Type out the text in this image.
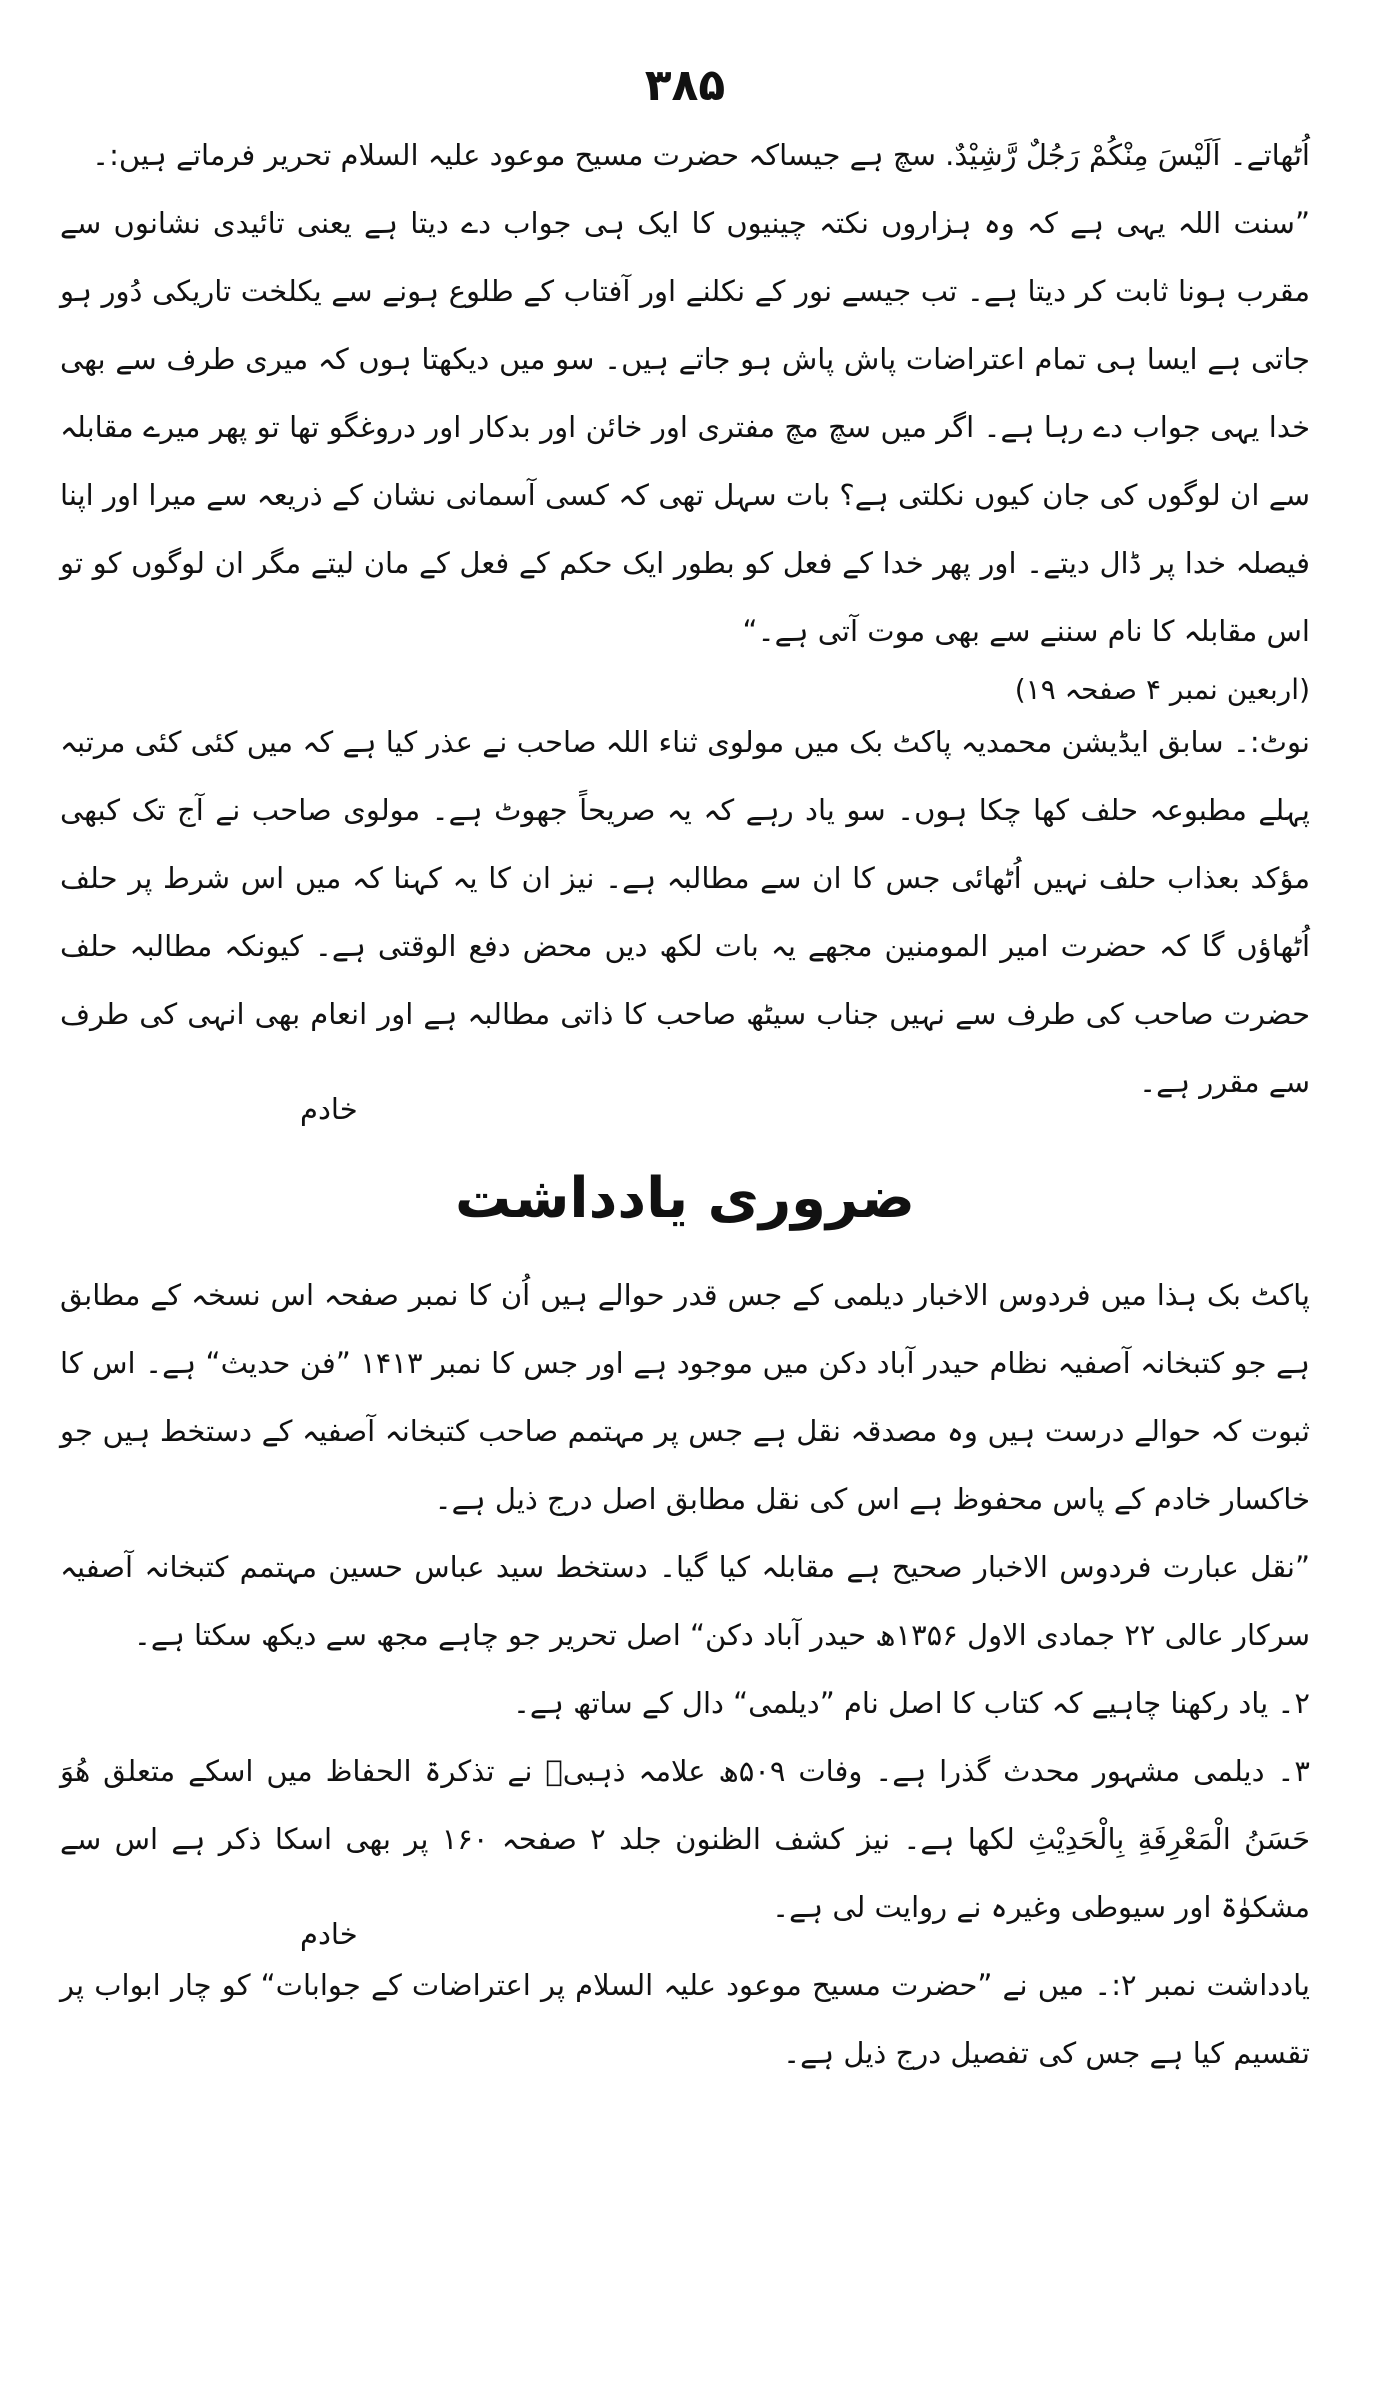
۳۸۵

اُٹھاتے۔ اَلَیْسَ مِنْکُمْ رَجُلٌ رَّشِیْدٌ. سچ ہے جیساکہ حضرت مسیح موعود علیہ السلام تحریر فرماتے ہیں:۔

”سنت اللہ یہی ہے کہ وہ ہزاروں نکتہ چینیوں کا ایک ہی جواب دے دیتا ہے یعنی تائیدی نشانوں سے مقرب ہونا ثابت کر دیتا ہے۔ تب جیسے نور کے نکلنے اور آفتاب کے طلوع ہونے سے یکلخت تاریکی دُور ہو جاتی ہے ایسا ہی تمام اعتراضات پاش پاش ہو جاتے ہیں۔ سو میں دیکھتا ہوں کہ میری طرف سے بھی خدا یہی جواب دے رہا ہے۔ اگر میں سچ مچ مفتری اور خائن اور بدکار اور دروغگو تھا تو پھر میرے مقابلہ سے ان لوگوں کی جان کیوں نکلتی ہے؟ بات سہل تھی کہ کسی آسمانی نشان کے ذریعہ سے میرا اور اپنا فیصلہ خدا پر ڈال دیتے۔ اور پھر خدا کے فعل کو بطور ایک حکم کے فعل کے مان لیتے مگر ان لوگوں کو تو اس مقابلہ کا نام سننے سے بھی موت آتی ہے۔“

(اربعین نمبر ۴ صفحہ ۱۹)

نوٹ:۔ سابق ایڈیشن محمدیہ پاکٹ بک میں مولوی ثناء اللہ صاحب نے عذر کیا ہے کہ میں کئی کئی مرتبہ پہلے مطبوعہ حلف کھا چکا ہوں۔ سو یاد رہے کہ یہ صریحاً جھوٹ ہے۔ مولوی صاحب نے آج تک کبھی مؤکد بعذاب حلف نہیں اُٹھائی جس کا ان سے مطالبہ ہے۔ نیز ان کا یہ کہنا کہ میں اس شرط پر حلف اُٹھاؤں گا کہ حضرت امیر المومنین مجھے یہ بات لکھ دیں محض دفع الوقتی ہے۔ کیونکہ مطالبہ حلف حضرت صاحب کی طرف سے نہیں جناب سیٹھ صاحب کا ذاتی مطالبہ ہے اور انعام بھی انہی کی طرف سے مقرر ہے۔

خادم
ضروری یادداشت

پاکٹ بک ہذا میں فردوس الاخبار دیلمی کے جس قدر حوالے ہیں اُن کا نمبر صفحہ اس نسخہ کے مطابق ہے جو کتبخانہ آصفیہ نظام حیدر آباد دکن میں موجود ہے اور جس کا نمبر ۱۴۱۳ ”فن حدیث“ ہے۔ اس کا ثبوت کہ حوالے درست ہیں وہ مصدقہ نقل ہے جس پر مہتمم صاحب کتبخانہ آصفیہ کے دستخط ہیں جو خاکسار خادم کے پاس محفوظ ہے اس کی نقل مطابق اصل درج ذیل ہے۔

”نقل عبارت فردوس الاخبار صحیح ہے مقابلہ کیا گیا۔ دستخط سید عباس حسین مہتمم کتبخانہ آصفیہ سرکار عالی ۲۲ جمادی الاول ۱۳۵۶ھ حیدر آباد دکن“ اصل تحریر جو چاہے مجھ سے دیکھ سکتا ہے۔

۲۔ یاد رکھنا چاہیے کہ کتاب کا اصل نام ”دیلمی“ دال کے ساتھ ہے۔
۳۔ دیلمی مشہور محدث گذرا ہے۔ وفات ۵۰۹ھ علامہ ذہبیؒ نے تذکرۃ الحفاظ میں اسکے متعلق هُوَ حَسَنُ الْمَعْرِفَةِ بِالْحَدِیْثِ لکھا ہے۔ نیز کشف الظنون جلد ۲ صفحہ ۱۶۰ پر بھی اسکا ذکر ہے اس سے مشکوٰۃ اور سیوطی وغیرہ نے روایت لی ہے۔
خادم
یادداشت نمبر ۲:۔ میں نے ”حضرت مسیح موعود علیہ السلام پر اعتراضات کے جوابات“ کو چار ابواب پر تقسیم کیا ہے جس کی تفصیل درج ذیل ہے۔
